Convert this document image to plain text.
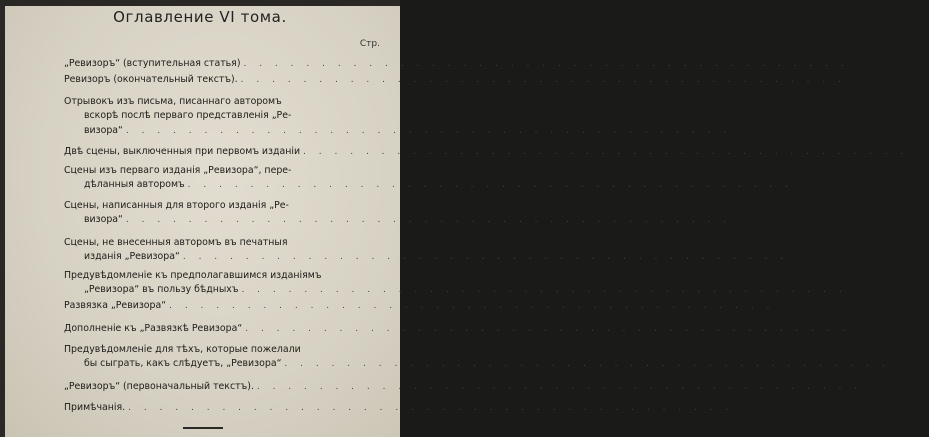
Оглавление VI тома.
Стр.
„Ревизоръ“ (вступительная статья) . . . . . . . . . . . . . . . . . . . . . . . . . . . . . . . . . . . . . . .	I
Ревизоръ (окончательный текстъ). . . . . . . . . . . . . . . . . . . . . . . . . . . . . . . . . . . . . . . .	1
Отрывокъ изъ письма, писаннаго авторомъ
вскорѣ послѣ перваго представленія „Ре-
визора“ . . . . . . . . . . . . . . . . . . . . . . . . . . . . . . . . . . . . . . . 129
Двѣ сцены, выключенныя при первомъ изданіи . . . . . . . . . . . . . . . . . . . . . . . . . . . . . . . . . . . . . . . 134
Сцены изъ перваго изданія „Ревизора“, пере-
дѣланныя авторомъ . . . . . . . . . . . . . . . . . . . . . . . . . . . . . . . . . . . . . . . 139
Сцены, написанныя для второго изданія „Ре-
визора“ . . . . . . . . . . . . . . . . . . . . . . . . . . . . . . . . . . . . . . . 188
Сцены, не внесенныя авторомъ въ печатныя
изданія „Ревизора“ . . . . . . . . . . . . . . . . . . . . . . . . . . . . . . . . . . . . . . . 201
Предувѣдомленіе къ предполагавшимся изданіямъ
„Ревизора“ въ пользу бѣдныхъ . . . . . . . . . . . . . . . . . . . . . . . . . . . . . . . . . . . . . . . 203
Развязка „Ревизора“ . . . . . . . . . . . . . . . . . . . . . . . . . . . . . . . . . . . . . . . 206
Дополненіе къ „Развязкѣ Ревизора“ . . . . . . . . . . . . . . . . . . . . . . . . . . . . . . . . . . . . . . . 221
Предувѣдомленіе для тѣхъ, которые пожелали
бы сыграть, какъ слѣдуетъ, „Ревизора“ . . . . . . . . . . . . . . . . . . . . . . . . . . . . . . . . . . . . . . . 228
„Ревизоръ“ (первоначальный текстъ). . . . . . . . . . . . . . . . . . . . . . . . . . . . . . . . . . . . . . . . 238
Примѣчанія. . . . . . . . . . . . . . . . . . . . . . . . . . . . . . . . . . . . . . . . 371
